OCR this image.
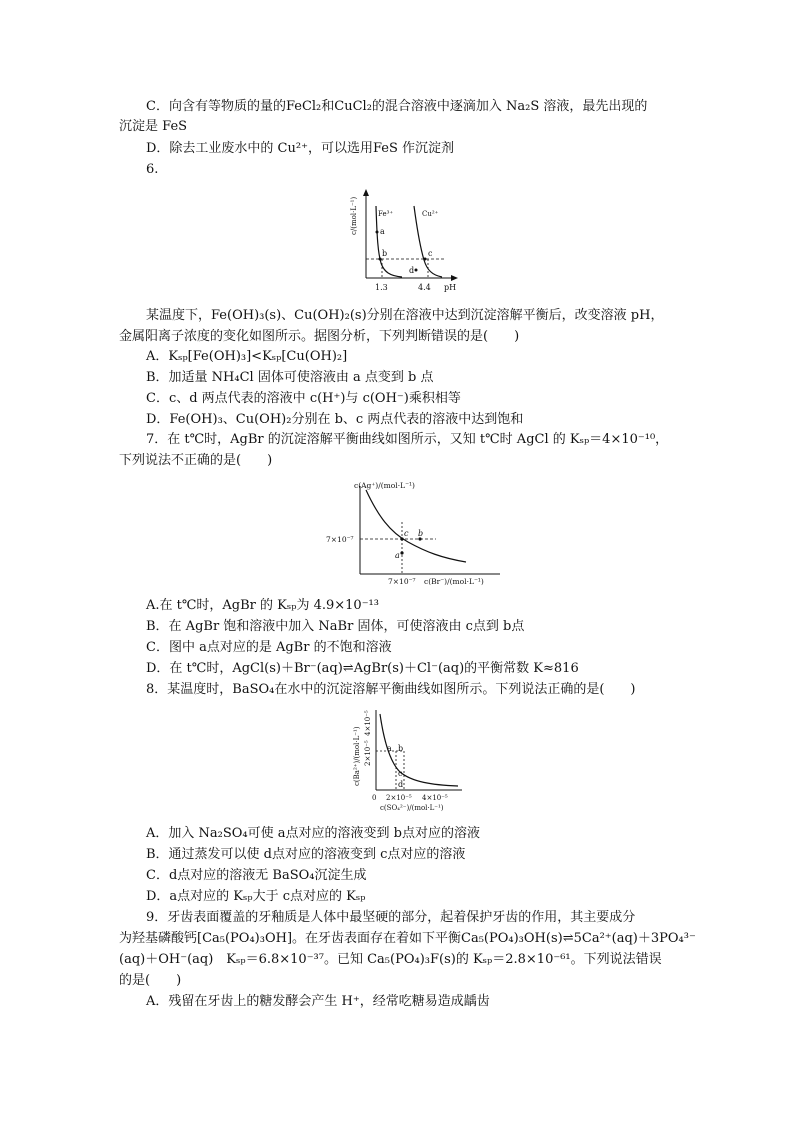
C．向含有等物质的量的FeCl₂和CuCl₂的混合溶液中逐滴加入 Na₂S 溶液，最先出现的
沉淀是 FeS
D．除去工业废水中的 Cu²⁺，可以选用FeS 作沉淀剂
6.
c/(mol·L⁻¹)	Fe³⁺	Cu²⁺
a
b	c
d
1.3	4.4 pH
某温度下，Fe(OH)₃(s)、Cu(OH)₂(s)分别在溶液中达到沉淀溶解平衡后，改变溶液 pH，
金属阳离子浓度的变化如图所示。据图分析，下列判断错误的是(　　)
A．Kₛₚ[Fe(OH)₃]<Kₛₚ[Cu(OH)₂]
B．加适量 NH₄Cl 固体可使溶液由 a 点变到 b 点
C．c、d 两点代表的溶液中 c(H⁺)与 c(OH⁻)乘积相等
D．Fe(OH)₃、Cu(OH)₂分别在 b、c 两点代表的溶液中达到饱和
7．在 t℃时，AgBr 的沉淀溶解平衡曲线如图所示，又知 t℃时 AgCl 的 Kₛₚ＝4×10⁻¹⁰，
下列说法不正确的是(　　)
c(Ag⁺)/(mol·L⁻¹)
7×10⁻⁷
c b
a
7×10⁻⁷ c(Br⁻)/(mol·L⁻¹)
A.在 t℃时，AgBr 的 Kₛₚ为 4.9×10⁻¹³
B．在 AgBr 饱和溶液中加入 NaBr 固体，可使溶液由 c点到 b点
C．图中 a点对应的是 AgBr 的不饱和溶液
D．在 t℃时，AgCl(s)＋Br⁻(aq)⇌AgBr(s)＋Cl⁻(aq)的平衡常数 K≈816
8．某温度时，BaSO₄在水中的沉淀溶解平衡曲线如图所示。下列说法正确的是(　　)
c(Ba²⁺)/(mol·L⁻¹) 2×10⁻⁵
4×10⁻⁵
a b
c
d
0 2×10⁻⁵ 4×10⁻⁵
c(SO₄²⁻)/(mol·L⁻¹)
A．加入 Na₂SO₄可使 a点对应的溶液变到 b点对应的溶液
B．通过蒸发可以使 d点对应的溶液变到 c点对应的溶液
C．d点对应的溶液无 BaSO₄沉淀生成
D．a点对应的 Kₛₚ大于 c点对应的 Kₛₚ
9．牙齿表面覆盖的牙釉质是人体中最坚硬的部分，起着保护牙齿的作用，其主要成分
为羟基磷酸钙[Ca₅(PO₄)₃OH]。在牙齿表面存在着如下平衡Ca₅(PO₄)₃OH(s)⇌5Ca²⁺(aq)＋3PO₄³⁻
(aq)＋OH⁻(aq)　Kₛₚ＝6.8×10⁻³⁷。已知 Ca₅(PO₄)₃F(s)的 Kₛₚ＝2.8×10⁻⁶¹。下列说法错误
的是(　　)
A．残留在牙齿上的糖发酵会产生 H⁺，经常吃糖易造成龋齿
